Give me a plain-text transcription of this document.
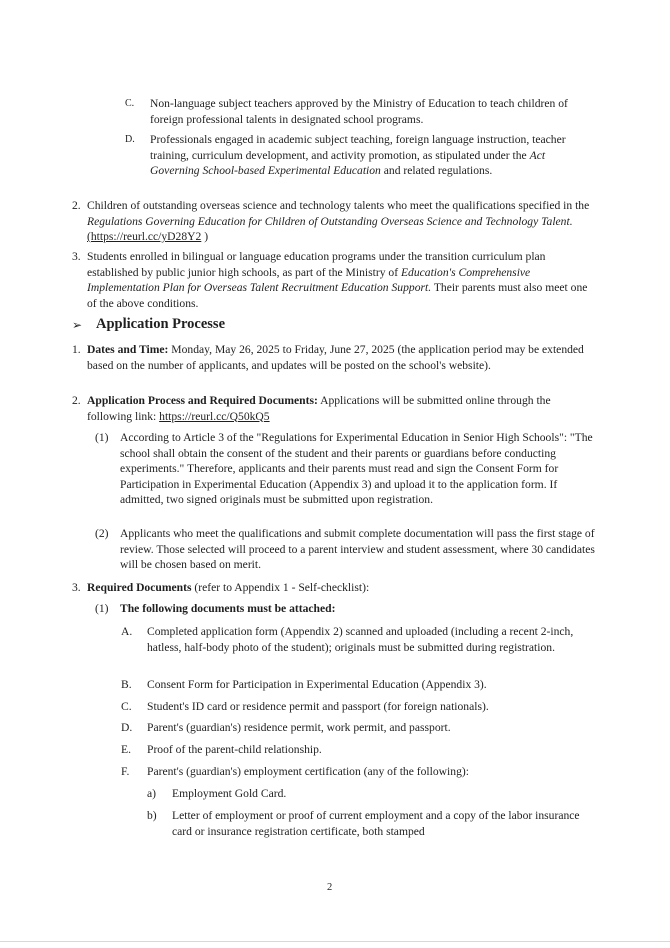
C. Non-language subject teachers approved by the Ministry of Education to teach children of foreign professional talents in designated school programs.
D. Professionals engaged in academic subject teaching, foreign language instruction, teacher training, curriculum development, and activity promotion, as stipulated under the Act Governing School-based Experimental Education and related regulations.
2. Children of outstanding overseas science and technology talents who meet the qualifications specified in the Regulations Governing Education for Children of Outstanding Overseas Science and Technology Talent. (https://reurl.cc/yD28Y2 )
3. Students enrolled in bilingual or language education programs under the transition curriculum plan established by public junior high schools, as part of the Ministry of Education's Comprehensive Implementation Plan for Overseas Talent Recruitment Education Support. Their parents must also meet one of the above conditions.
➢ Application Processe
1. Dates and Time: Monday, May 26, 2025 to Friday, June 27, 2025 (the application period may be extended based on the number of applicants, and updates will be posted on the school's website).
2. Application Process and Required Documents: Applications will be submitted online through the following link: https://reurl.cc/Q50kQ5
(1) According to Article 3 of the "Regulations for Experimental Education in Senior High Schools": "The school shall obtain the consent of the student and their parents or guardians before conducting experiments." Therefore, applicants and their parents must read and sign the Consent Form for Participation in Experimental Education (Appendix 3) and upload it to the application form. If admitted, two signed originals must be submitted upon registration.
(2) Applicants who meet the qualifications and submit complete documentation will pass the first stage of review. Those selected will proceed to a parent interview and student assessment, where 30 candidates will be chosen based on merit.
3. Required Documents (refer to Appendix 1 - Self-checklist):
(1) The following documents must be attached:
A. Completed application form (Appendix 2) scanned and uploaded (including a recent 2-inch, hatless, half-body photo of the student); originals must be submitted during registration.
B. Consent Form for Participation in Experimental Education (Appendix 3).
C. Student's ID card or residence permit and passport (for foreign nationals).
D. Parent's (guardian's) residence permit, work permit, and passport.
E. Proof of the parent-child relationship.
F. Parent's (guardian's) employment certification (any of the following):
a) Employment Gold Card.
b) Letter of employment or proof of current employment and a copy of the labor insurance card or insurance registration certificate, both stamped
2
